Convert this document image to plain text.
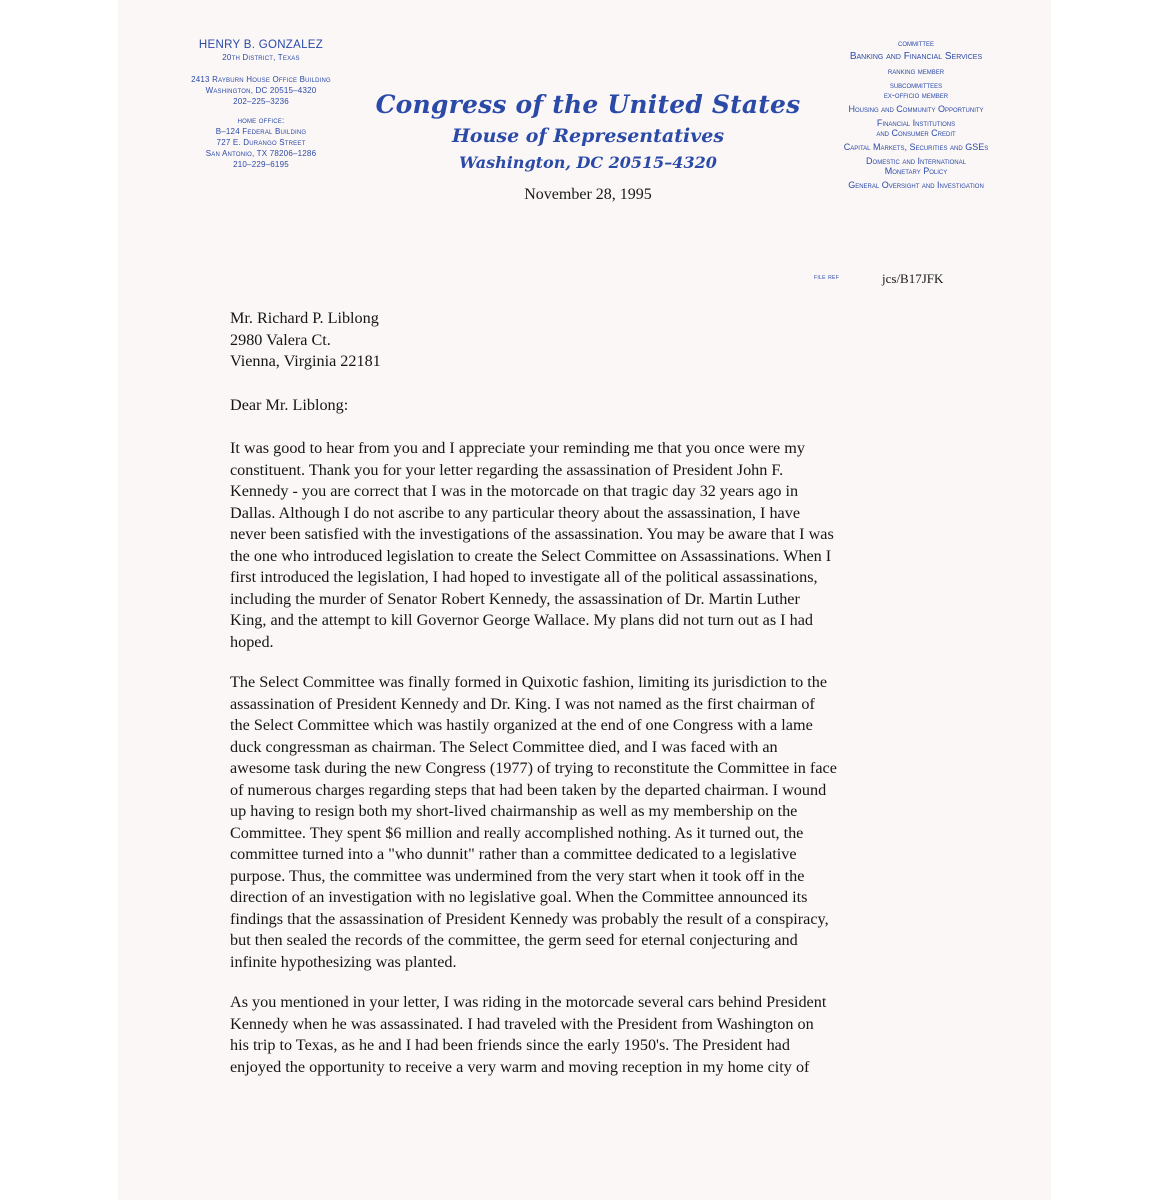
HENRY B. GONZALEZ
20th District, Texas
2413 Rayburn House Office Building
Washington, DC 20515–4320
202–225–3236
home office:
B–124 Federal Building
727 E. Durango Street
San Antonio, TX 78206–1286
210–229–6195
Congress of the United States
House of Representatives
Washington, DC 20515–4320
November 28, 1995
committee
Banking and Financial Services
ranking member
subcommittees
ex-officio member
Housing and Community Opportunity
Financial Institutions
and Consumer Credit
Capital Markets, Securities and GSEs
Domestic and International
Monetary Policy
General Oversight and Investigation
file ref	jcs/B17JFK
Mr. Richard P. Liblong
2980 Valera Ct.
Vienna, Virginia 22181
Dear Mr. Liblong:
It was good to hear from you and I appreciate your reminding me that you once were my
constituent. Thank you for your letter regarding the assassination of President John F.
Kennedy - you are correct that I was in the motorcade on that tragic day 32 years ago in
Dallas. Although I do not ascribe to any particular theory about the assassination, I have
never been satisfied with the investigations of the assassination. You may be aware that I was
the one who introduced legislation to create the Select Committee on Assassinations. When I
first introduced the legislation, I had hoped to investigate all of the political assassinations,
including the murder of Senator Robert Kennedy, the assassination of Dr. Martin Luther
King, and the attempt to kill Governor George Wallace. My plans did not turn out as I had
hoped.
The Select Committee was finally formed in Quixotic fashion, limiting its jurisdiction to the
assassination of President Kennedy and Dr. King. I was not named as the first chairman of
the Select Committee which was hastily organized at the end of one Congress with a lame
duck congressman as chairman. The Select Committee died, and I was faced with an
awesome task during the new Congress (1977) of trying to reconstitute the Committee in face
of numerous charges regarding steps that had been taken by the departed chairman. I wound
up having to resign both my short-lived chairmanship as well as my membership on the
Committee. They spent $6 million and really accomplished nothing. As it turned out, the
committee turned into a "who dunnit" rather than a committee dedicated to a legislative
purpose. Thus, the committee was undermined from the very start when it took off in the
direction of an investigation with no legislative goal. When the Committee announced its
findings that the assassination of President Kennedy was probably the result of a conspiracy,
but then sealed the records of the committee, the germ seed for eternal conjecturing and
infinite hypothesizing was planted.
As you mentioned in your letter, I was riding in the motorcade several cars behind President
Kennedy when he was assassinated. I had traveled with the President from Washington on
his trip to Texas, as he and I had been friends since the early 1950's. The President had
enjoyed the opportunity to receive a very warm and moving reception in my home city of
